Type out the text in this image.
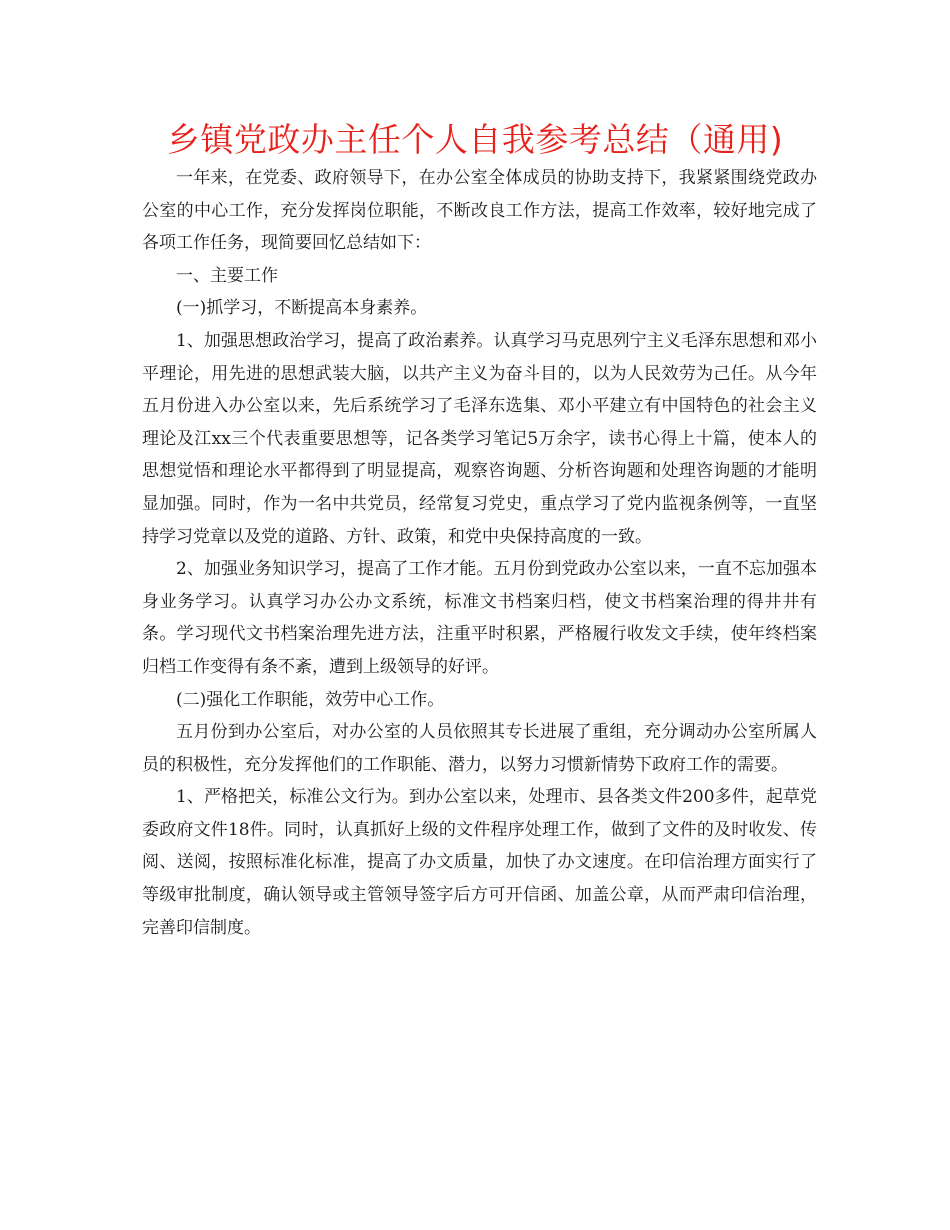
乡镇党政办主任个人自我参考总结（通用)

一年来，在党委、政府领导下，在办公室全体成员的协助支持下，我紧紧围绕党政办公室的中心工作，充分发挥岗位职能，不断改良工作方法，提高工作效率，较好地完成了各项工作任务，现简要回忆总结如下：

一、主要工作

(一)抓学习，不断提高本身素养。

1、加强思想政治学习，提高了政治素养。认真学习马克思列宁主义毛泽东思想和邓小平理论，用先进的思想武装大脑，以共产主义为奋斗目的，以为人民效劳为己任。从今年五月份进入办公室以来，先后系统学习了毛泽东选集、邓小平建立有中国特色的社会主义理论及江xx三个代表重要思想等，记各类学习笔记5万余字，读书心得上十篇，使本人的思想觉悟和理论水平都得到了明显提高，观察咨询题、分析咨询题和处理咨询题的才能明显加强。同时，作为一名中共党员，经常复习党史，重点学习了党内监视条例等，一直坚持学习党章以及党的道路、方针、政策，和党中央保持高度的一致。

2、加强业务知识学习，提高了工作才能。五月份到党政办公室以来，一直不忘加强本身业务学习。认真学习办公办文系统，标准文书档案归档，使文书档案治理的得井井有条。学习现代文书档案治理先进方法，注重平时积累，严格履行收发文手续，使年终档案归档工作变得有条不紊，遭到上级领导的好评。

(二)强化工作职能，效劳中心工作。

五月份到办公室后，对办公室的人员依照其专长进展了重组，充分调动办公室所属人员的积极性，充分发挥他们的工作职能、潜力，以努力习惯新情势下政府工作的需要。

1、严格把关，标准公文行为。到办公室以来，处理市、县各类文件200多件，起草党委政府文件18件。同时，认真抓好上级的文件程序处理工作，做到了文件的及时收发、传阅、送阅，按照标准化标准，提高了办文质量，加快了办文速度。在印信治理方面实行了等级审批制度，确认领导或主管领导签字后方可开信函、加盖公章，从而严肃印信治理，完善印信制度。
